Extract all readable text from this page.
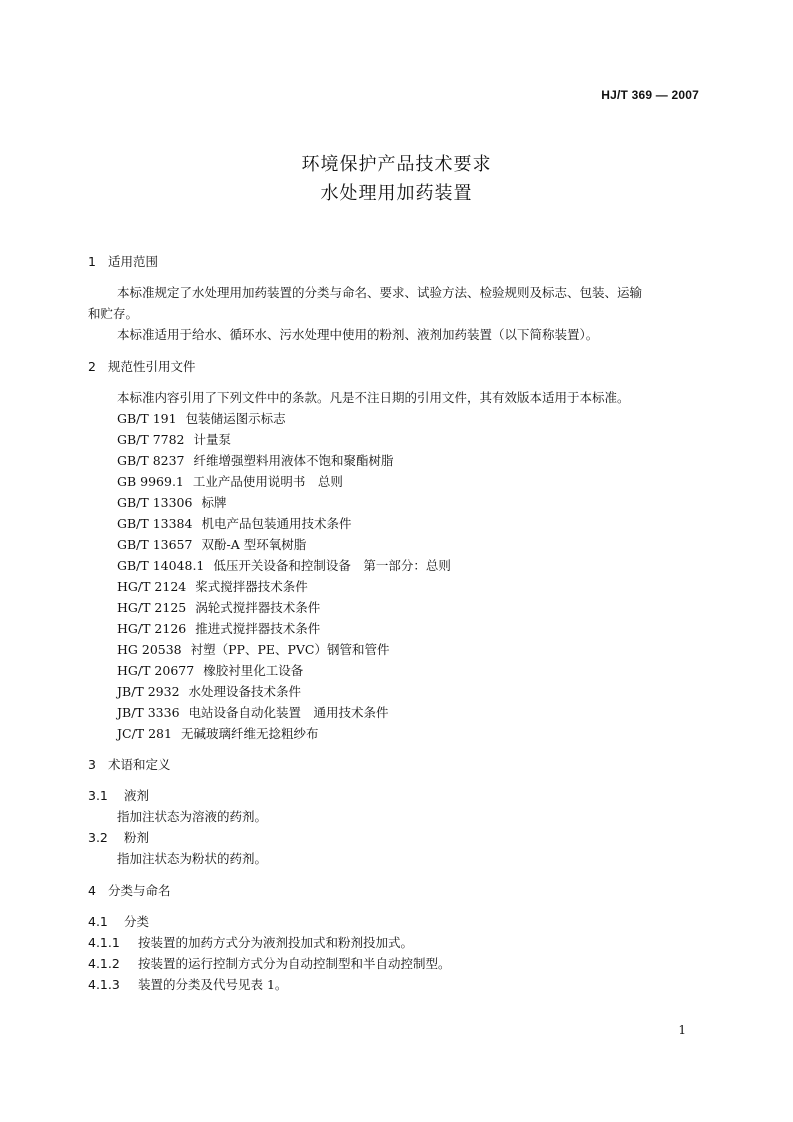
HJ/T 369 — 2007
环境保护产品技术要求
水处理用加药装置
1 适用范围
本标准规定了水处理用加药装置的分类与命名、要求、试验方法、检验规则及标志、包装、运输
和贮存。
本标准适用于给水、循环水、污水处理中使用的粉剂、液剂加药装置（以下简称装置）。
2 规范性引用文件
本标准内容引用了下列文件中的条款。凡是不注日期的引用文件，其有效版本适用于本标准。
GB/T 191 包装储运图示标志
GB/T 7782 计量泵
GB/T 8237 纤维增强塑料用液体不饱和聚酯树脂
GB 9969.1 工业产品使用说明书　总则
GB/T 13306 标牌
GB/T 13384 机电产品包装通用技术条件
GB/T 13657 双酚-A 型环氧树脂
GB/T 14048.1 低压开关设备和控制设备　第一部分：总则
HG/T 2124 桨式搅拌器技术条件
HG/T 2125 涡轮式搅拌器技术条件
HG/T 2126 推进式搅拌器技术条件
HG 20538 衬塑（PP、PE、PVC）钢管和管件
HG/T 20677 橡胶衬里化工设备
JB/T 2932 水处理设备技术条件
JB/T 3336 电站设备自动化装置　通用技术条件
JC/T 281 无碱玻璃纤维无捻粗纱布
3 术语和定义
3.1 液剂
指加注状态为溶液的药剂。
3.2 粉剂
指加注状态为粉状的药剂。
4 分类与命名
4.1 分类
4.1.1 按装置的加药方式分为液剂投加式和粉剂投加式。
4.1.2 按装置的运行控制方式分为自动控制型和半自动控制型。
4.1.3 装置的分类及代号见表 1。
1
